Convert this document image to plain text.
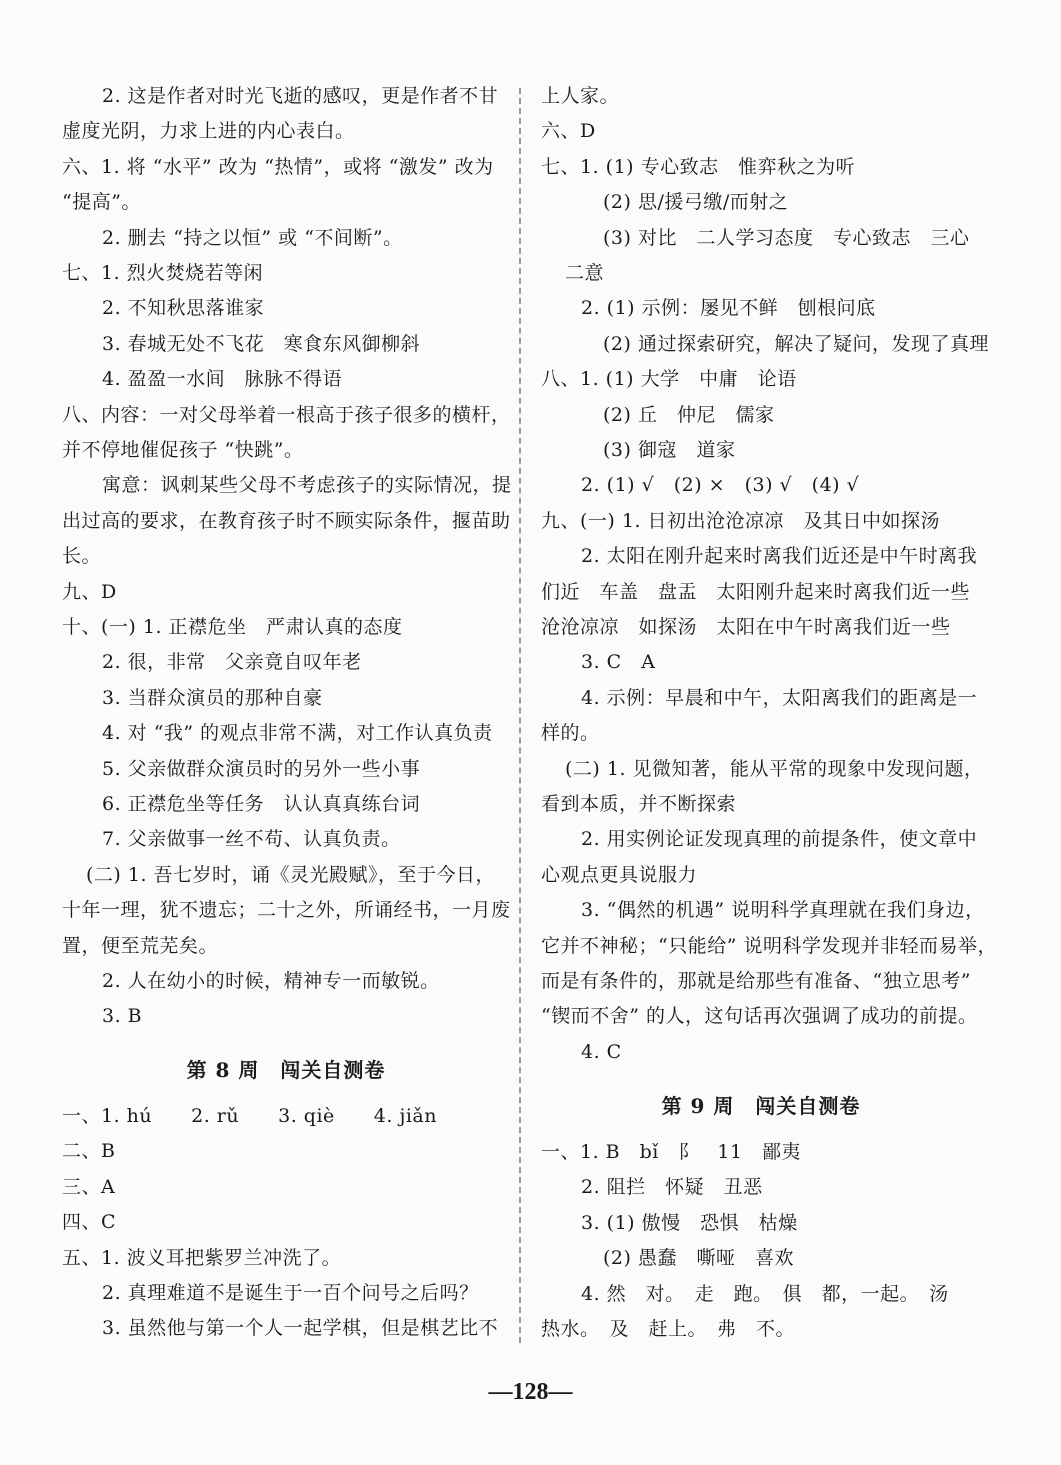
2. 这是作者对时光飞逝的感叹，更是作者不甘
虚度光阴，力求上进的内心表白。
六、1. 将 “水平” 改为 “热情”，或将 “激发” 改为
“提高”。
2. 删去 “持之以恒” 或 “不间断”。
七、1. 烈火焚烧若等闲
2. 不知秋思落谁家
3. 春城无处不飞花　寒食东风御柳斜
4. 盈盈一水间　脉脉不得语
八、内容：一对父母举着一根高于孩子很多的横杆，
并不停地催促孩子 “快跳”。
寓意：讽刺某些父母不考虑孩子的实际情况，提
出过高的要求，在教育孩子时不顾实际条件，揠苗助
长。
九、D
十、(一) 1. 正襟危坐　严肃认真的态度
2. 很，非常　父亲竟自叹年老
3. 当群众演员的那种自豪
4. 对 “我” 的观点非常不满，对工作认真负责
5. 父亲做群众演员时的另外一些小事
6. 正襟危坐等任务　认认真真练台词
7. 父亲做事一丝不苟、认真负责。
(二) 1. 吾七岁时，诵《灵光殿赋》，至于今日，
十年一理，犹不遗忘；二十之外，所诵经书，一月废
置，便至荒芜矣。
2. 人在幼小的时候，精神专一而敏锐。
3. B
第 8 周　闯关自测卷
一、1. hú　　2. rǔ　　3. qiè　　4. jiǎn
二、B
三、A
四、C
五、1. 波义耳把紫罗兰冲洗了。
2. 真理难道不是诞生于一百个问号之后吗？
3. 虽然他与第一个人一起学棋，但是棋艺比不
上人家。
六、D
七、1. (1) 专心致志　惟弈秋之为听
(2) 思/援弓缴/而射之
(3) 对比　二人学习态度　专心致志　三心
二意
2. (1) 示例：屡见不鲜　刨根问底
(2) 通过探索研究，解决了疑问，发现了真理
八、1. (1) 大学　中庸　论语
(2) 丘　仲尼　儒家
(3) 御寇　道家
2. (1) √　(2) ×　(3) √　(4) √
九、(一) 1. 日初出沧沧凉凉　及其日中如探汤
2. 太阳在刚升起来时离我们近还是中午时离我
们近　车盖　盘盂　太阳刚升起来时离我们近一些
沧沧凉凉　如探汤　太阳在中午时离我们近一些
3. C　A
4. 示例：早晨和中午，太阳离我们的距离是一
样的。
(二) 1. 见微知著，能从平常的现象中发现问题，
看到本质，并不断探索
2. 用实例论证发现真理的前提条件，使文章中
心观点更具说服力
3. “偶然的机遇” 说明科学真理就在我们身边，
它并不神秘；“只能给” 说明科学发现并非轻而易举，
而是有条件的，那就是给那些有准备、“独立思考”
“锲而不舍” 的人，这句话再次强调了成功的前提。
4. C
第 9 周　闯关自测卷
一、1. B　bǐ　阝　11　鄙夷
2. 阻拦　怀疑　丑恶
3. (1) 傲慢　恐惧　枯燥
(2) 愚蠢　嘶哑　喜欢
4. 然　对。　走　跑。　俱　都，一起。　汤
热水。　及　赶上。　弗　不。
—128—
